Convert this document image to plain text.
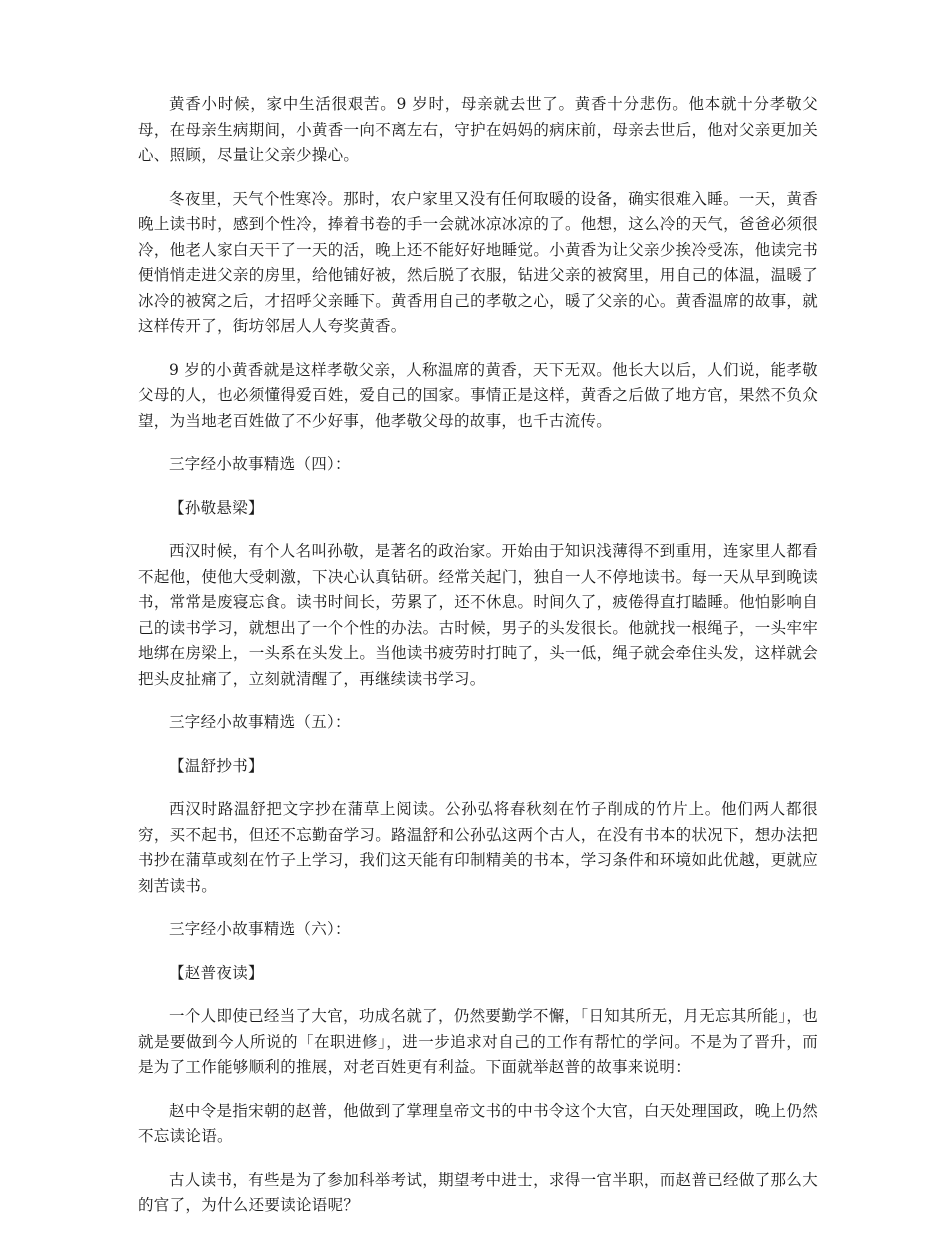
黄香小时候，家中生活很艰苦。9 岁时，母亲就去世了。黄香十分悲伤。他本就十分孝敬父母，在母亲生病期间，小黄香一向不离左右，守护在妈妈的病床前，母亲去世后，他对父亲更加关心、照顾，尽量让父亲少操心。

冬夜里，天气个性寒冷。那时，农户家里又没有任何取暖的设备，确实很难入睡。一天，黄香晚上读书时，感到个性冷，捧着书卷的手一会就冰凉冰凉的了。他想，这么冷的天气，爸爸必须很冷，他老人家白天干了一天的活，晚上还不能好好地睡觉。小黄香为让父亲少挨冷受冻，他读完书便悄悄走进父亲的房里，给他铺好被，然后脱了衣服，钻进父亲的被窝里，用自己的体温，温暖了冰冷的被窝之后，才招呼父亲睡下。黄香用自己的孝敬之心，暖了父亲的心。黄香温席的故事，就这样传开了，街坊邻居人人夸奖黄香。

9 岁的小黄香就是这样孝敬父亲，人称温席的黄香，天下无双。他长大以后，人们说，能孝敬父母的人，也必须懂得爱百姓，爱自己的国家。事情正是这样，黄香之后做了地方官，果然不负众望，为当地老百姓做了不少好事，他孝敬父母的故事，也千古流传。

三字经小故事精选（四）：

【孙敬悬梁】

西汉时候，有个人名叫孙敬，是著名的政治家。开始由于知识浅薄得不到重用，连家里人都看不起他，使他大受刺激，下决心认真钻研。经常关起门，独自一人不停地读书。每一天从早到晚读书，常常是废寝忘食。读书时间长，劳累了，还不休息。时间久了，疲倦得直打瞌睡。他怕影响自己的读书学习，就想出了一个个性的办法。古时候，男子的头发很长。他就找一根绳子，一头牢牢地绑在房梁上，一头系在头发上。当他读书疲劳时打盹了，头一低，绳子就会牵住头发，这样就会把头皮扯痛了，立刻就清醒了，再继续读书学习。

三字经小故事精选（五）：

【温舒抄书】

西汉时路温舒把文字抄在蒲草上阅读。公孙弘将春秋刻在竹子削成的竹片上。他们两人都很穷，买不起书，但还不忘勤奋学习。路温舒和公孙弘这两个古人，在没有书本的状况下，想办法把书抄在蒲草或刻在竹子上学习，我们这天能有印制精美的书本，学习条件和环境如此优越，更就应刻苦读书。

三字经小故事精选（六）：

【赵普夜读】

一个人即使已经当了大官，功成名就了，仍然要勤学不懈，「日知其所无，月无忘其所能」，也就是要做到今人所说的「在职进修」，进一步追求对自己的工作有帮忙的学问。不是为了晋升，而是为了工作能够顺利的推展，对老百姓更有利益。下面就举赵普的故事来说明：

赵中令是指宋朝的赵普，他做到了掌理皇帝文书的中书令这个大官，白天处理国政，晚上仍然不忘读论语。

古人读书，有些是为了参加科举考试，期望考中进士，求得一官半职，而赵普已经做了那么大的官了，为什么还要读论语呢？
